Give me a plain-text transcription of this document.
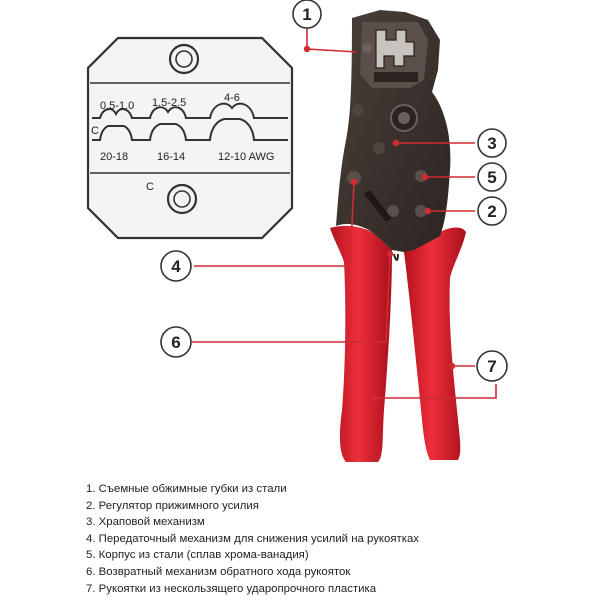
0.5-1.0 1.5-2.5	4-6
20-18	16-14	12-10 AWG
C
C
1
3
5
2
4
6
7
1. Съемные обжимные губки из стали
2. Регулятор прижимного усилия
3. Храповой механизм
4. Передаточный механизм для снижения усилий на рукоятках
5. Корпус из стали (сплав хрома-ванадия)
6. Возвратный механизм обратного хода рукояток
7. Рукоятки из нескользящего ударопрочного пластика
